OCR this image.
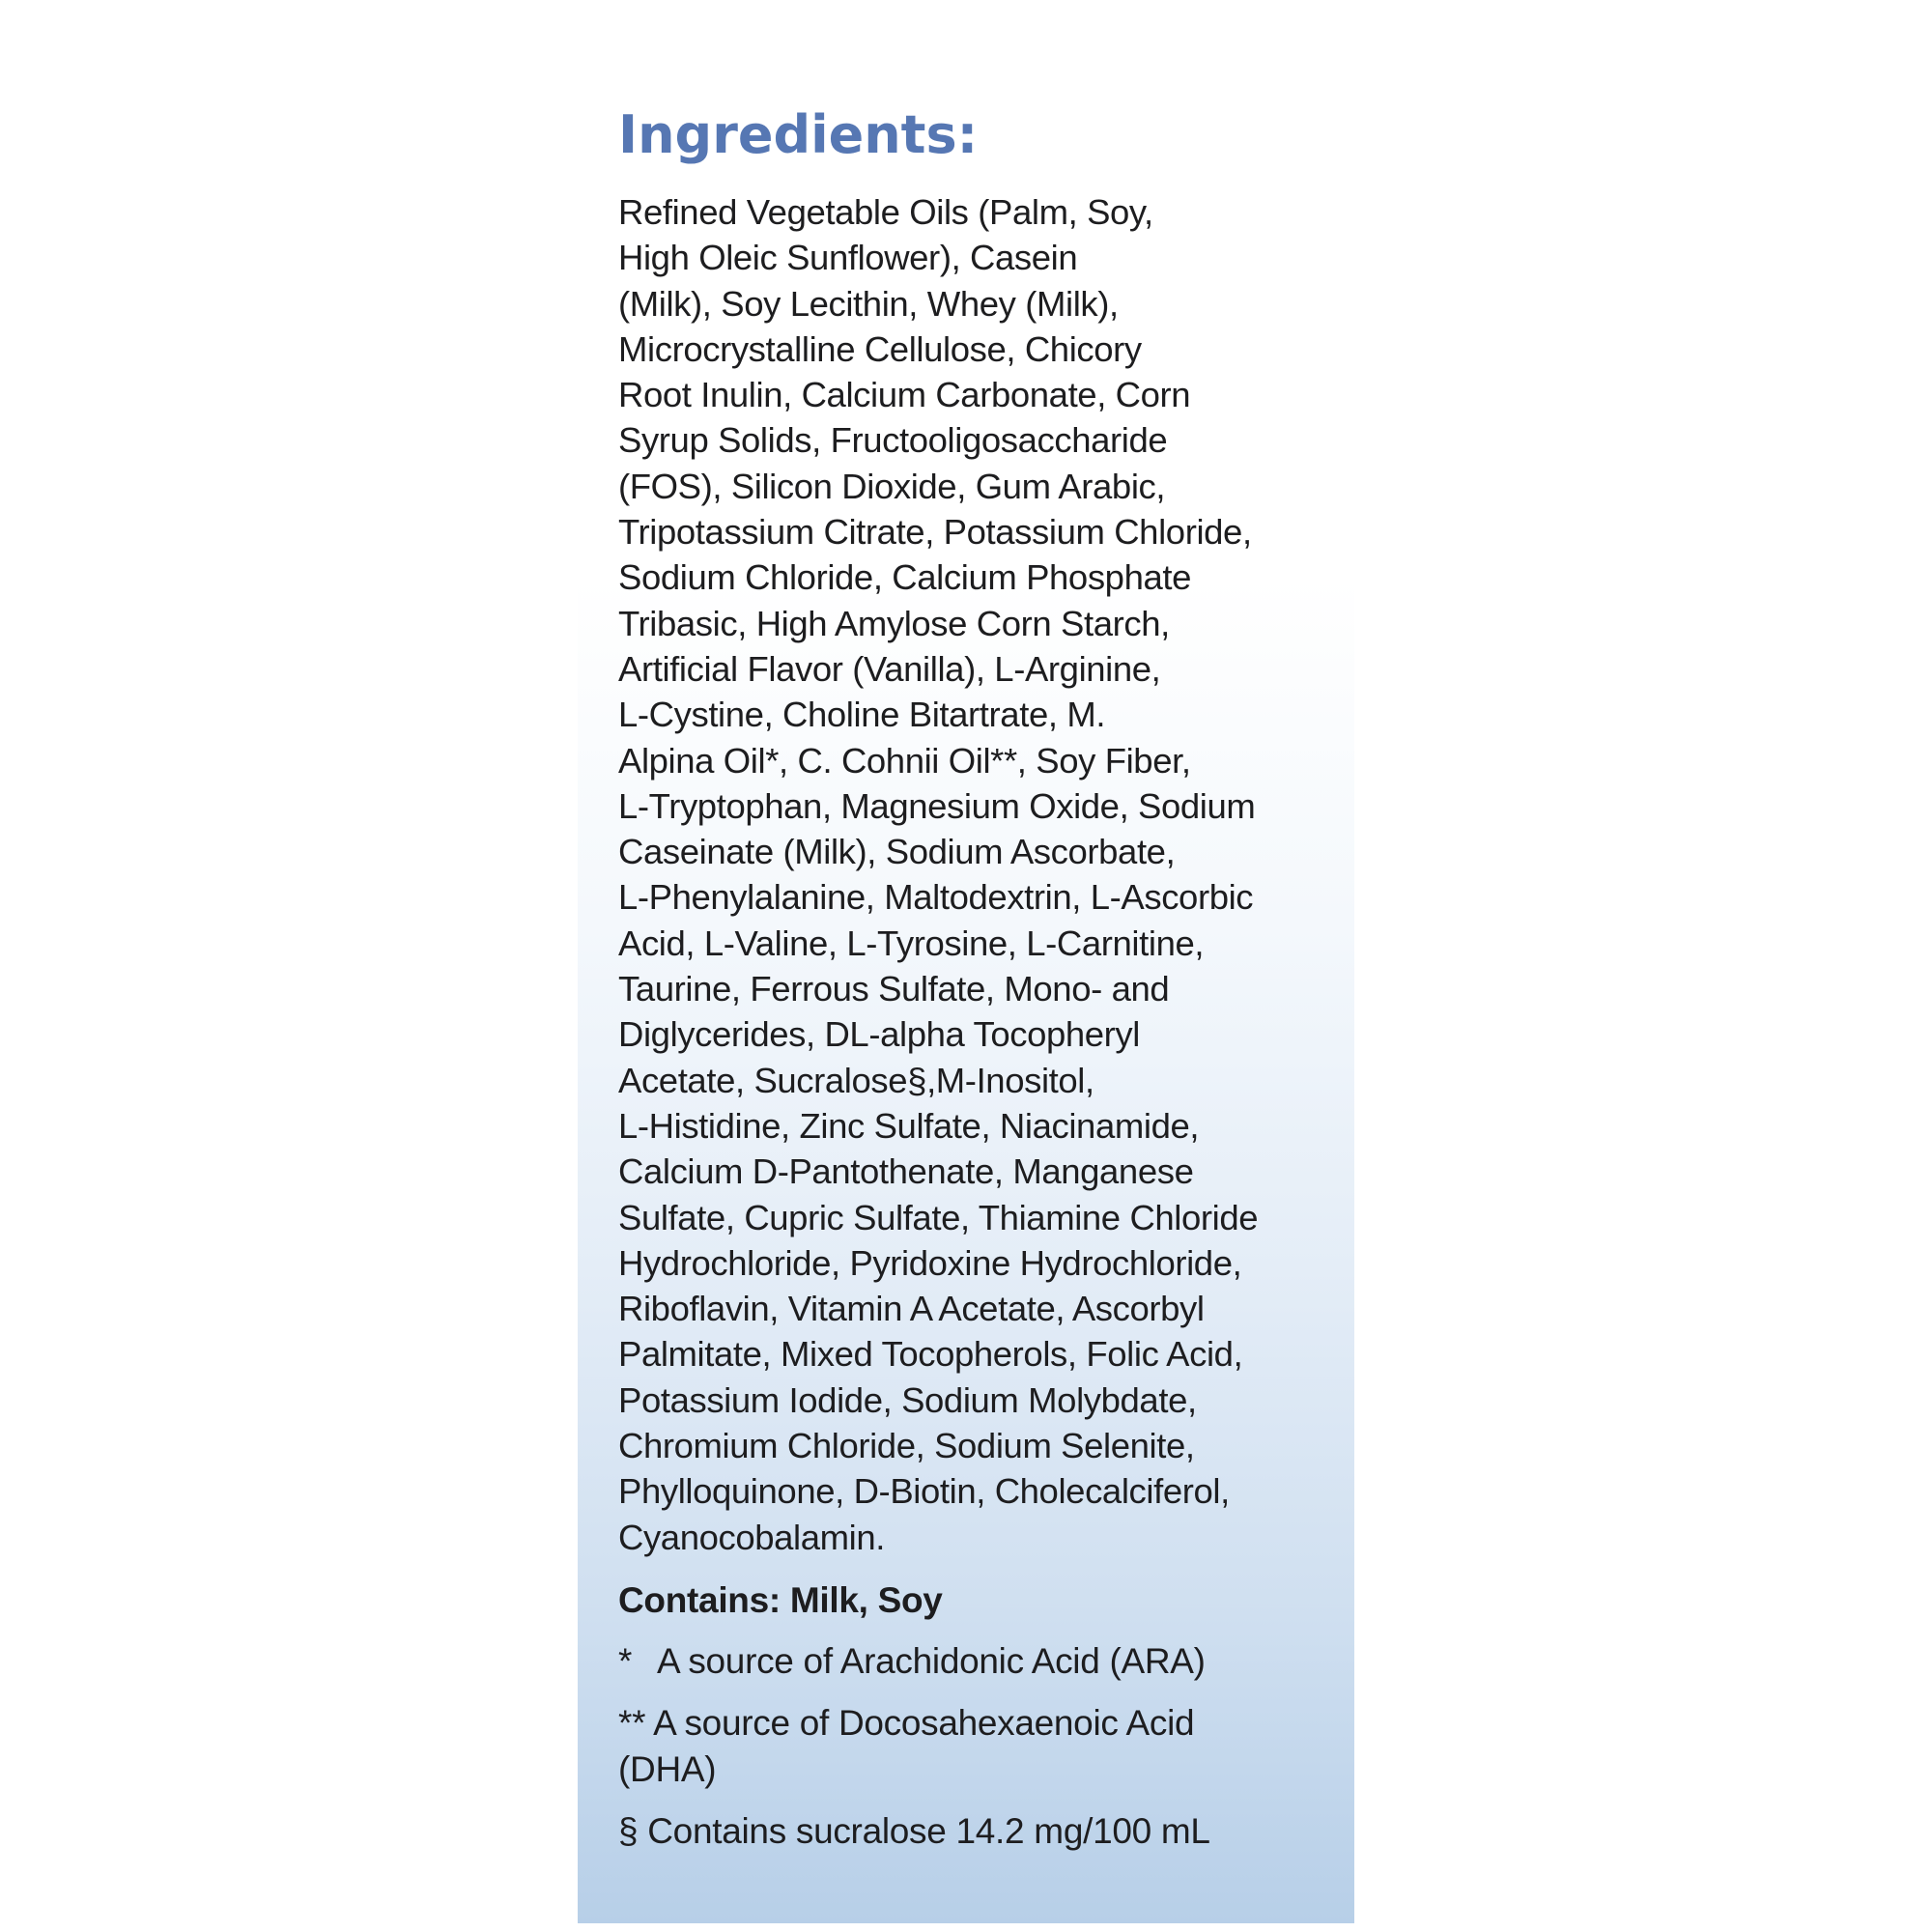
Ingredients:
Refined Vegetable Oils (Palm, Soy,
High Oleic Sunflower), Casein
(Milk), Soy Lecithin, Whey (Milk),
Microcrystalline Cellulose, Chicory
Root Inulin, Calcium Carbonate, Corn
Syrup Solids, Fructooligosaccharide
(FOS), Silicon Dioxide, Gum Arabic,
Tripotassium Citrate, Potassium Chloride,
Sodium Chloride, Calcium Phosphate
Tribasic, High Amylose Corn Starch,
Artificial Flavor (Vanilla), L-Arginine,
L-Cystine, Choline Bitartrate, M.
Alpina Oil*, C. Cohnii Oil**, Soy Fiber,
L-Tryptophan, Magnesium Oxide, Sodium
Caseinate (Milk), Sodium Ascorbate,
L-Phenylalanine, Maltodextrin, L-Ascorbic
Acid, L-Valine, L-Tyrosine, L-Carnitine,
Taurine, Ferrous Sulfate, Mono- and
Diglycerides, DL-alpha Tocopheryl
Acetate, Sucralose§,M-Inositol,
L-Histidine, Zinc Sulfate, Niacinamide,
Calcium D-Pantothenate, Manganese
Sulfate, Cupric Sulfate, Thiamine Chloride
Hydrochloride, Pyridoxine Hydrochloride,
Riboflavin, Vitamin A Acetate, Ascorbyl
Palmitate, Mixed Tocopherols, Folic Acid,
Potassium Iodide, Sodium Molybdate,
Chromium Chloride, Sodium Selenite,
Phylloquinone, D-Biotin, Cholecalciferol,
Cyanocobalamin.

Contains: Milk, Soy

* A source of Arachidonic Acid (ARA)

** A source of Docosahexaenoic Acid
(DHA)

§ Contains sucralose 14.2 mg/100 mL
